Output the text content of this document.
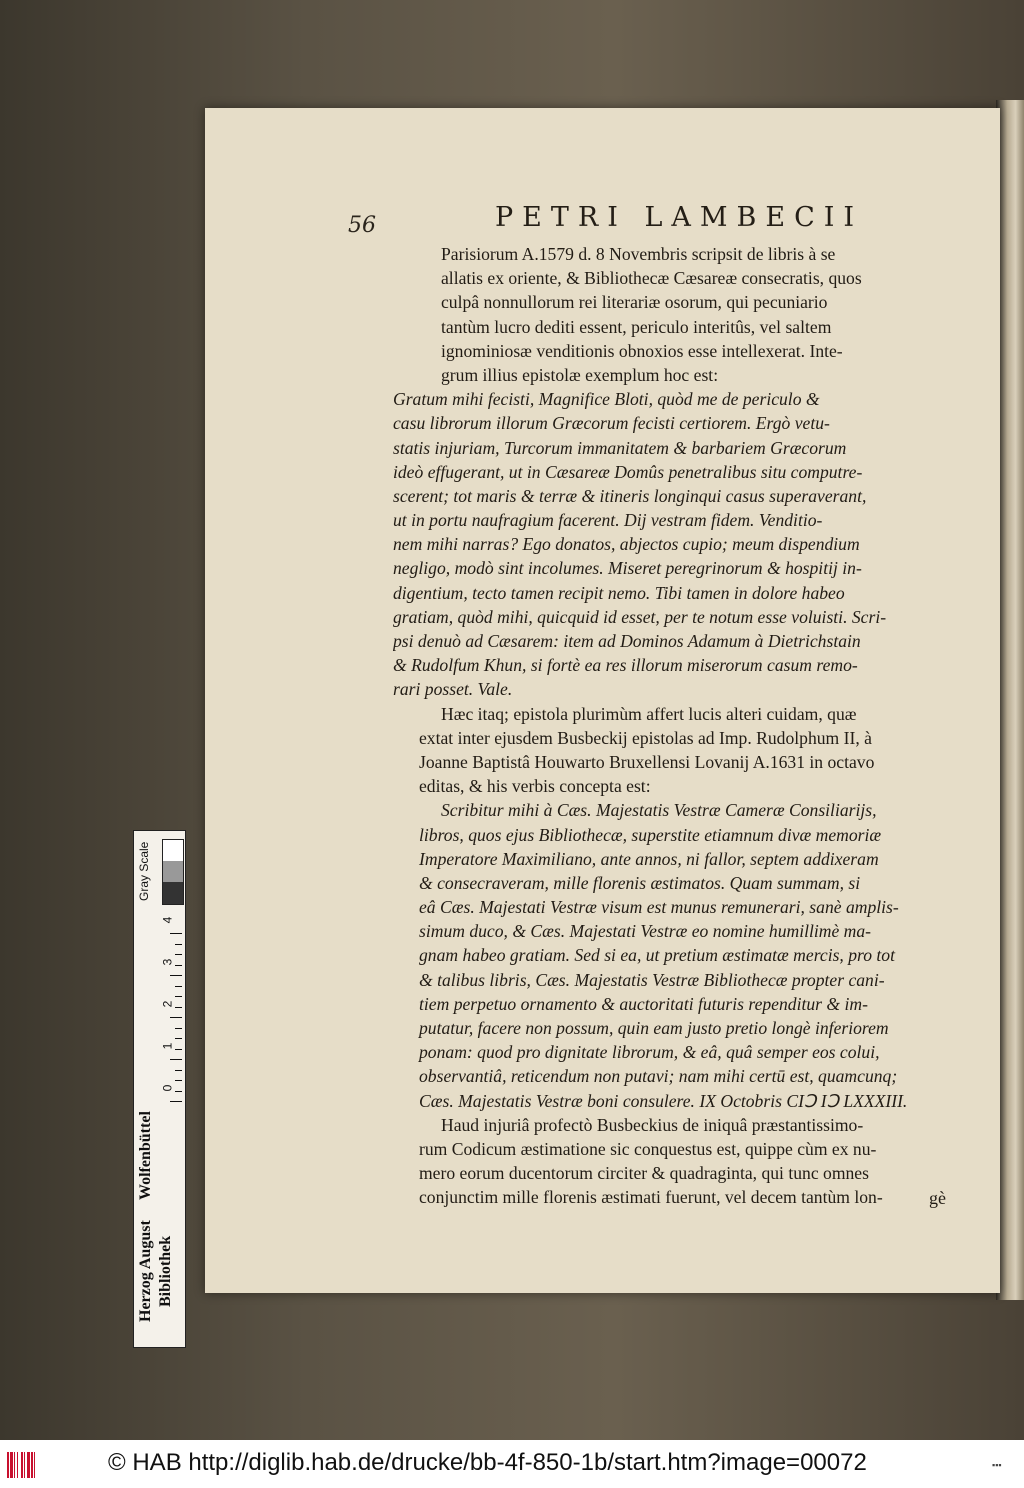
56	PETRI LAMBECII
Parisiorum A.1579 d. 8 Novembris scripsit de libris à se
allatis ex oriente, & Bibliothecæ Cæsareæ consecratis, quos
culpâ nonnullorum rei literariæ osorum, qui pecuniario
tantùm lucro dediti essent, periculo interitûs, vel saltem
ignominiosæ venditionis obnoxios esse intellexerat. Inte-
grum illius epistolæ exemplum hoc est:
Gratum mihi fecisti, Magnifice Bloti, quòd me de periculo &
casu librorum illorum Græcorum fecisti certiorem. Ergò vetu-
statis injuriam, Turcorum immanitatem & barbariem Græcorum
ideò effugerant, ut in Cæsareæ Domûs penetralibus situ computre-
scerent; tot maris & terræ & itineris longinqui casus superaverant,
ut in portu naufragium facerent. Dij vestram fidem. Venditio-
nem mihi narras? Ego donatos, abjectos cupio; meum dispendium
negligo, modò sint incolumes. Miseret peregrinorum & hospitij in-
digentium, tecto tamen recipit nemo. Tibi tamen in dolore habeo
gratiam, quòd mihi, quicquid id esset, per te notum esse voluisti. Scri-
psi denuò ad Cæsarem: item ad Dominos Adamum à Dietrichstain
& Rudolfum Khun, si fortè ea res illorum miserorum casum remo-
rari posset. Vale.
Hæc itaq; epistola plurimùm affert lucis alteri cuidam, quæ
extat inter ejusdem Busbeckij epistolas ad Imp. Rudolphum II, à
Joanne Baptistâ Houwarto Bruxellensi Lovanij A.1631 in octavo
editas, & his verbis concepta est:
Scribitur mihi à Cæs. Majestatis Vestræ Cameræ Consiliarijs,
libros, quos ejus Bibliothecæ, superstite etiamnum divæ memoriæ
Imperatore Maximiliano, ante annos, ni fallor, septem addixeram
& consecraveram, mille florenis æstimatos. Quam summam, si
eâ Cæs. Majestati Vestræ visum est munus remunerari, sanè amplis-
simum duco, & Cæs. Majestati Vestræ eo nomine humillimè ma-
gnam habeo gratiam. Sed si ea, ut pretium æstimatæ mercis, pro tot
& talibus libris, Cæs. Majestatis Vestræ Bibliothecæ propter cani-
tiem perpetuo ornamento & auctoritati futuris rependitur & im-
putatur, facere non possum, quin eam justo pretio longè inferiorem
ponam: quod pro dignitate librorum, & eâ, quâ semper eos colui,
observantiâ, reticendum non putavi; nam mihi certū est, quamcunq;
Cæs. Majestatis Vestræ boni consulere. IX Octobris CIↃ IↃ LXXXIII.
Haud injuriâ profectò Busbeckius de iniquâ præstantissimo-
rum Codicum æstimatione sic conquestus est, quippe cùm ex nu-
mero eorum ducentorum circiter & quadraginta, qui tunc omnes
conjunctim mille florenis æstimati fuerunt, vel decem tantùm lon-	gè
Gray Scale
0
1
2
3
4
Herzog August Bibliothek
Wolfenbüttel
© HAB http://diglib.hab.de/drucke/bb-4f-850-1b/start.htm?image=00072	▪▪▪
